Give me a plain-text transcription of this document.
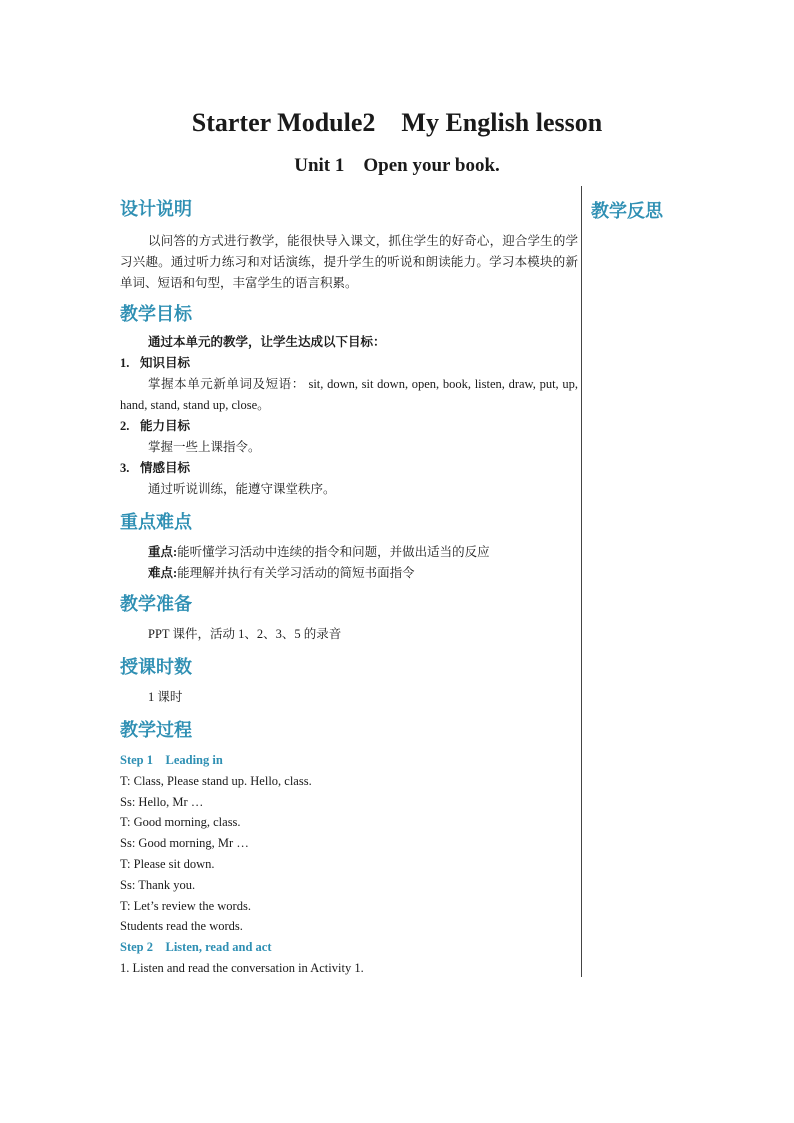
Starter Module2    My English lesson
Unit 1    Open your book.
教学反思
设计说明

以问答的方式进行教学，能很快导入课文，抓住学生的好奇心，迎合学生的学习兴趣。通过听力练习和对话演练，提升学生的听说和朗读能力。学习本模块的新单词、短语和句型，丰富学生的语言积累。

教学目标
通过本单元的教学，让学生达成以下目标：
1. 知识目标

掌握本单元新单词及短语： sit, down, sit down, open, book, listen, draw, put, up, hand, stand, stand up, close。

2. 能力目标
掌握一些上课指令。
3. 情感目标
通过听说训练，能遵守课堂秩序。
重点难点
重点:能听懂学习活动中连续的指令和问题，并做出适当的反应
难点:能理解并执行有关学习活动的简短书面指令
教学准备
PPT 课件，活动 1、2、3、5 的录音
授课时数
1 课时
教学过程
Step 1    Leading in
T: Class, Please stand up. Hello, class.
Ss: Hello, Mr …
T: Good morning, class.
Ss: Good morning, Mr …
T: Please sit down.
Ss: Thank you.
T: Let’s review the words.
Students read the words.
Step 2    Listen, read and act
1. Listen and read the conversation in Activity 1.
